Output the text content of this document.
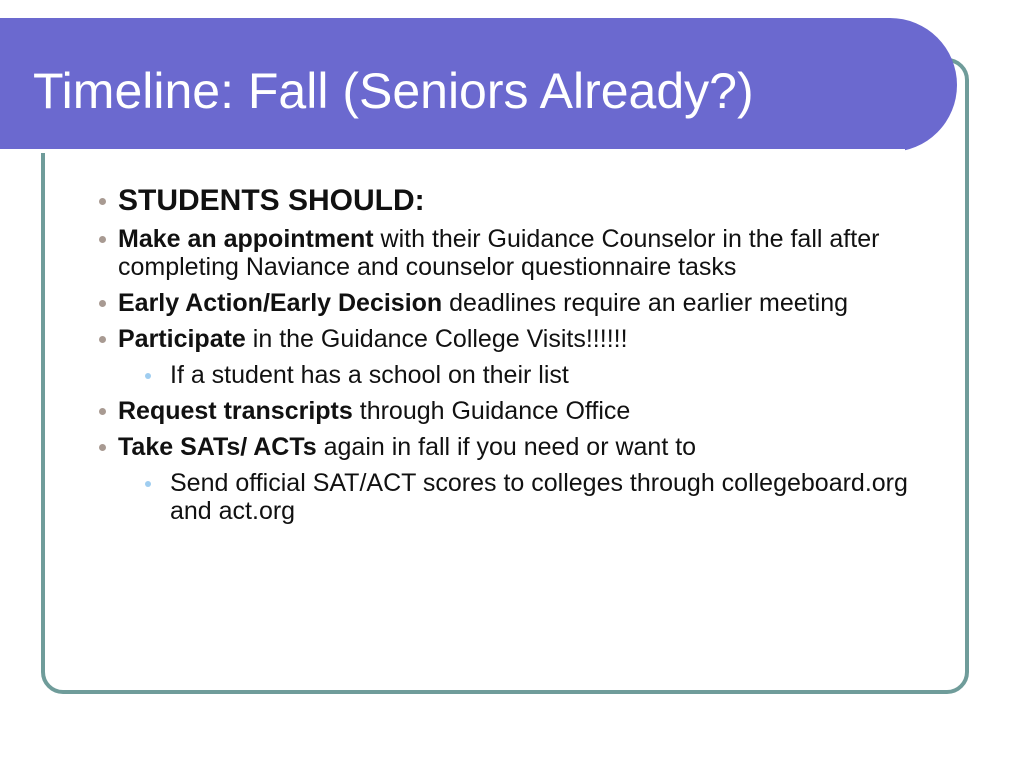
Timeline: Fall (Seniors Already?)
STUDENTS SHOULD:
Make an appointment with their Guidance Counselor in the fall after completing Naviance and counselor questionnaire tasks
Early Action/Early Decision deadlines require an earlier meeting
Participate in the Guidance College Visits!!!!!!
If a student has a school on their list
Request transcripts through Guidance Office
Take SATs/ ACTs again in fall if you need or want to
Send official SAT/ACT scores to colleges through collegeboard.org and act.org
